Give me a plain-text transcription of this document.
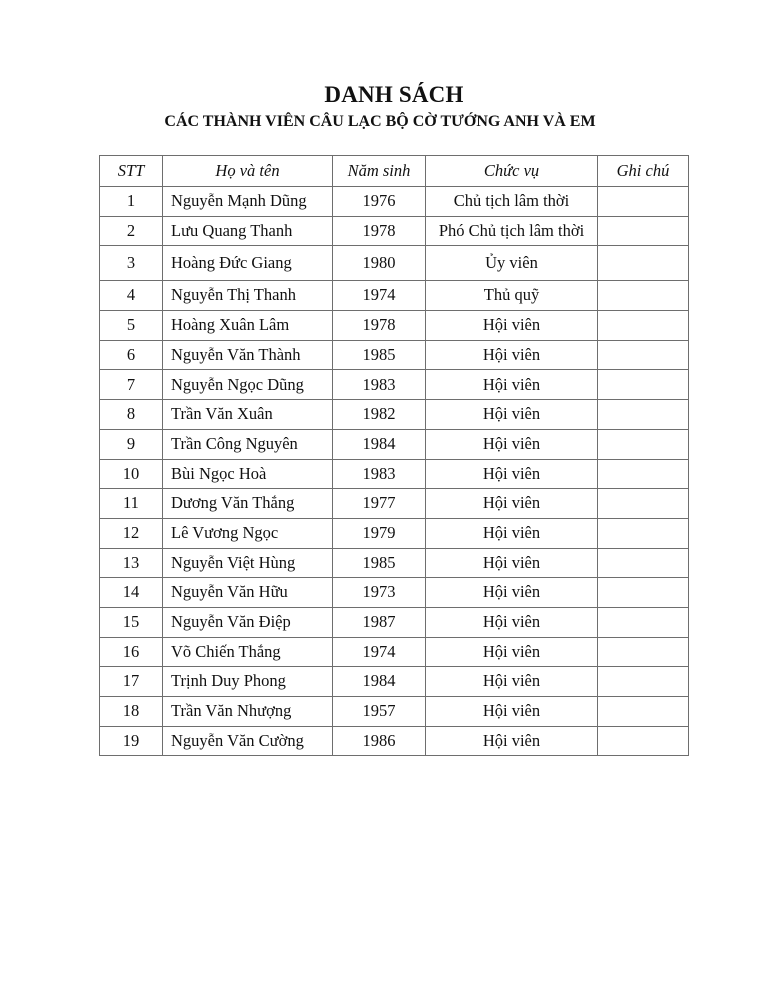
DANH SÁCH
CÁC THÀNH VIÊN CÂU LẠC BỘ CỜ TƯỚNG ANH VÀ EM
STT	Họ và tên	Năm sinh	Chức vụ	Ghi chú
1	Nguyễn Mạnh Dũng	1976	Chủ tịch lâm thời	
2	Lưu Quang Thanh	1978	Phó Chủ tịch lâm thời	
3	Hoàng Đức Giang	1980	Ủy viên	
4	Nguyễn Thị Thanh	1974	Thủ quỹ	
5	Hoàng Xuân Lâm	1978	Hội viên	
6	Nguyễn Văn Thành	1985	Hội viên	
7	Nguyễn Ngọc Dũng	1983	Hội viên	
8	Trần Văn Xuân	1982	Hội viên	
9	Trần Công Nguyên	1984	Hội viên	
10	Bùi Ngọc Hoà	1983	Hội viên	
11	Dương Văn Thắng	1977	Hội viên	
12	Lê Vương Ngọc	1979	Hội viên	
13	Nguyễn Việt Hùng	1985	Hội viên	
14	Nguyễn Văn Hữu	1973	Hội viên	
15	Nguyễn Văn Điệp	1987	Hội viên	
16	Võ Chiến Thắng	1974	Hội viên	
17	Trịnh Duy Phong	1984	Hội viên	
18	Trần Văn Nhượng	1957	Hội viên	
19	Nguyễn Văn Cường	1986	Hội viên	
